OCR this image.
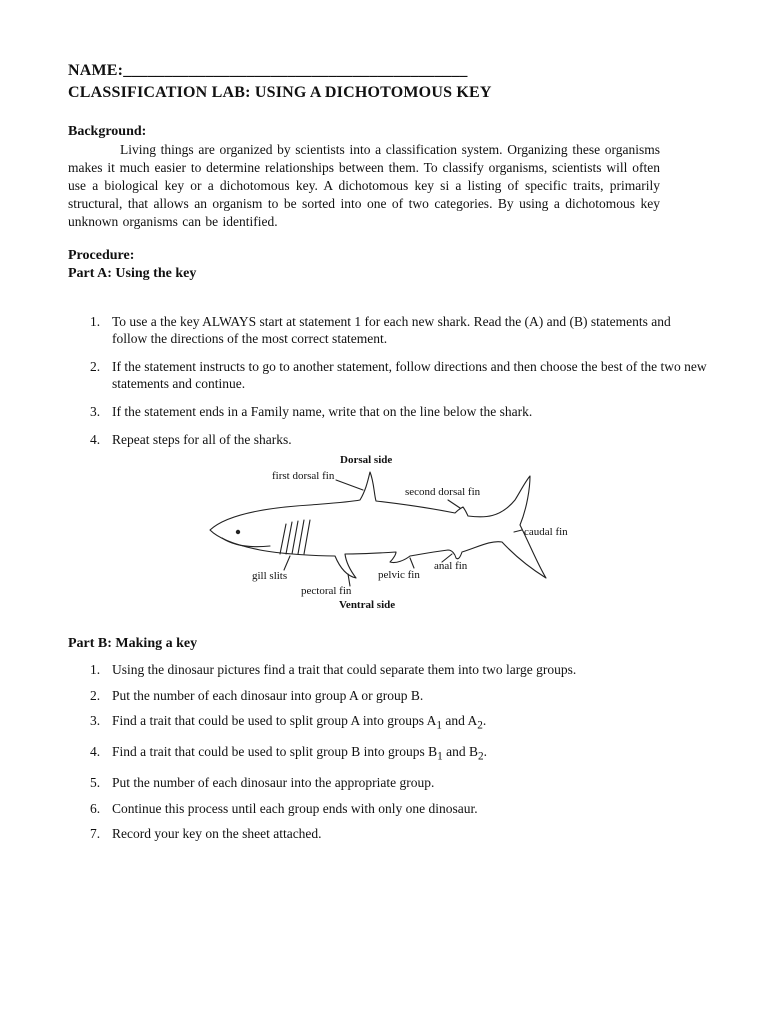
NAME:__________________________________________
CLASSIFICATION LAB: USING A DICHOTOMOUS KEY
Background:
Living things are organized by scientists into a classification system. Organizing these organisms makes it much easier to determine relationships between them. To classify organisms, scientists will often use a biological key or a dichotomous key. A dichotomous key si a listing of specific traits, primarily structural, that allows an organism to be sorted into one of two categories. By using a dichotomous key unknown organisms can be identified.
Procedure:
Part A: Using the key
1. To use a the key ALWAYS start at statement 1 for each new shark. Read the (A) and (B) statements and follow the directions of the most correct statement.
2. If the statement instructs to go to another statement, follow directions and then choose the best of the two new statements and continue.
3. If the statement ends in a Family name, write that on the line below the shark.
4. Repeat steps for all of the sharks.
Dorsal side
first dorsal fin
second dorsal fin
caudal fin
anal fin
pelvic fin
gill slits
pectoral fin
Ventral side
Part B: Making a key
1. Using the dinosaur pictures find a trait that could separate them into two large groups.
2. Put the number of each dinosaur into group A or group B.
3. Find a trait that could be used to split group A into groups $A_1$ and $A_2$.
4. Find a trait that could be used to split group B into groups $B_1$ and $B_2$.
5. Put the number of each dinosaur into the appropriate group.
6. Continue this process until each group ends with only one dinosaur.
7. Record your key on the sheet attached.
